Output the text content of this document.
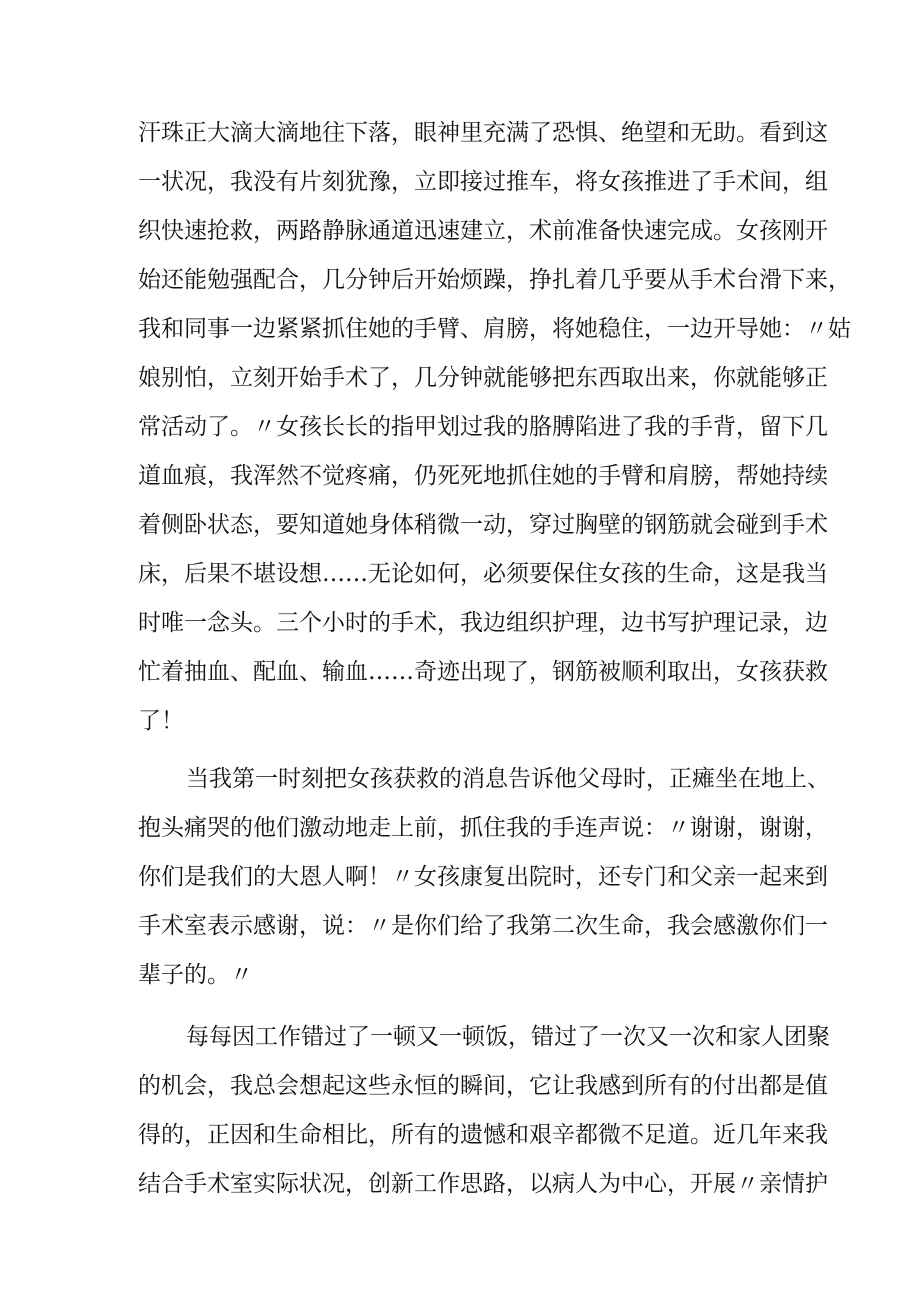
汗珠正大滴大滴地往下落，眼神里充满了恐惧、绝望和无助。看到这
一状况，我没有片刻犹豫，立即接过推车，将女孩推进了手术间，组
织快速抢救，两路静脉通道迅速建立，术前准备快速完成。女孩刚开
始还能勉强配合，几分钟后开始烦躁，挣扎着几乎要从手术台滑下来，
我和同事一边紧紧抓住她的手臂、肩膀，将她稳住，一边开导她：〃姑
娘别怕，立刻开始手术了，几分钟就能够把东西取出来，你就能够正
常活动了。〃女孩长长的指甲划过我的胳膊陷进了我的手背，留下几
道血痕，我浑然不觉疼痛，仍死死地抓住她的手臂和肩膀，帮她持续
着侧卧状态，要知道她身体稍微一动，穿过胸壁的钢筋就会碰到手术
床，后果不堪设想……无论如何，必须要保住女孩的生命，这是我当
时唯一念头。三个小时的手术，我边组织护理，边书写护理记录，边
忙着抽血、配血、输血……奇迹出现了，钢筋被顺利取出，女孩获救
了！
当我第一时刻把女孩获救的消息告诉他父母时，正瘫坐在地上、
抱头痛哭的他们激动地走上前，抓住我的手连声说：〃谢谢，谢谢，
你们是我们的大恩人啊！〃女孩康复出院时，还专门和父亲一起来到
手术室表示感谢，说：〃是你们给了我第二次生命，我会感激你们一
辈子的。〃
每每因工作错过了一顿又一顿饭，错过了一次又一次和家人团聚
的机会，我总会想起这些永恒的瞬间，它让我感到所有的付出都是值
得的，正因和生命相比，所有的遗憾和艰辛都微不足道。近几年来我
结合手术室实际状况，创新工作思路，以病人为中心，开展〃亲情护
